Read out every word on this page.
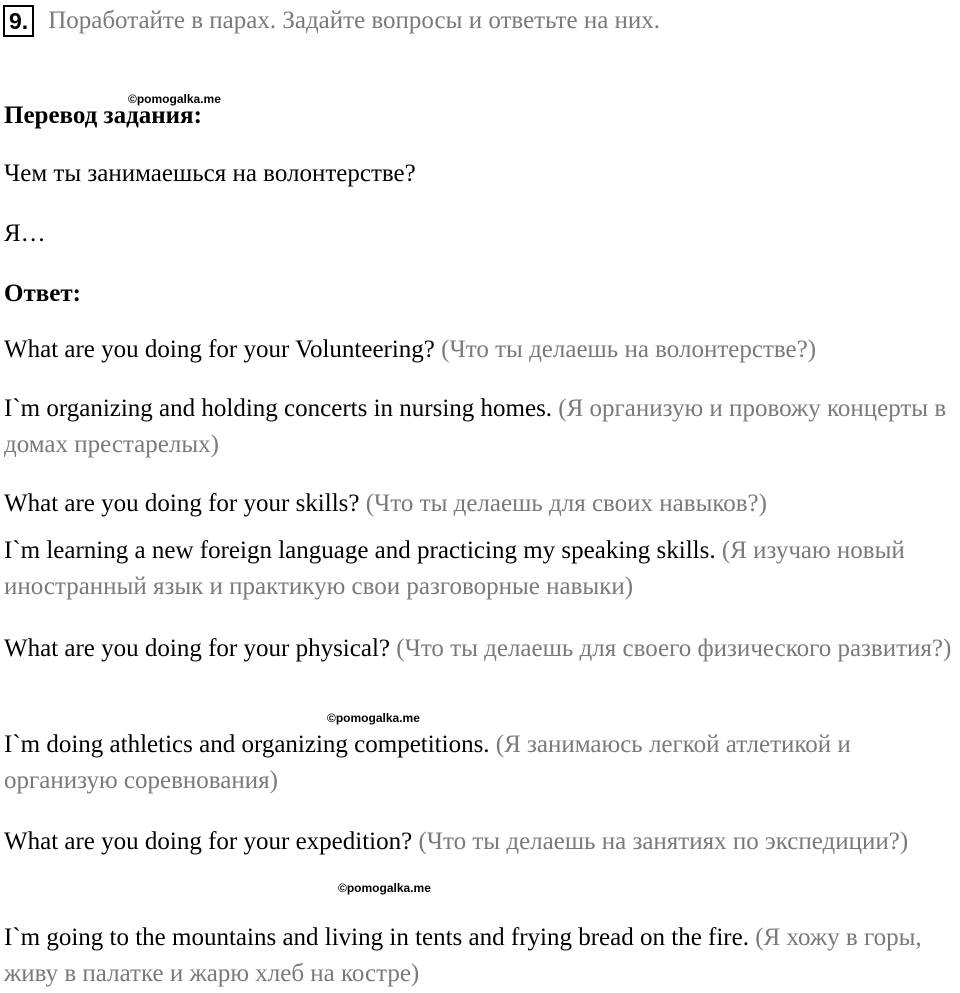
9. Поработайте в парах. Задайте вопросы и ответьте на них.
©pomogalka.me
Перевод задания:
Чем ты занимаешься на волонтерстве?
Я…
Ответ:
What are you doing for your Volunteering? (Что ты делаешь на волонтерстве?)
I`m organizing and holding concerts in nursing homes. (Я организую и провожу концерты в домах престарелых)
What are you doing for your skills? (Что ты делаешь для своих навыков?)
I`m learning a new foreign language and practicing my speaking skills. (Я изучаю новый иностранный язык и практикую свои разговорные навыки)
What are you doing for your physical? (Что ты делаешь для своего физического развития?)
©pomogalka.me
I`m doing athletics and organizing competitions. (Я занимаюсь легкой атлетикой и организую соревнования)
What are you doing for your expedition? (Что ты делаешь на занятиях по экспедиции?)
©pomogalka.me
I`m going to the mountains and living in tents and frying bread on the fire. (Я хожу в горы, живу в палатке и жарю хлеб на костре)
